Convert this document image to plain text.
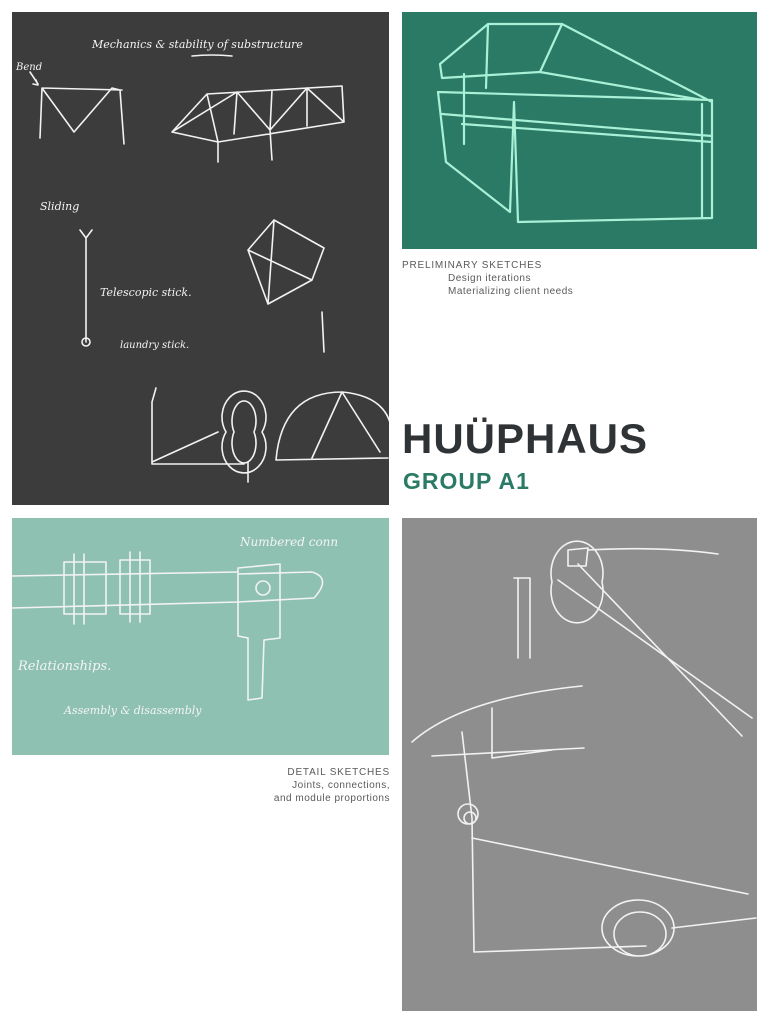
Mechanics & stability of substructure
Bend
Sliding
Telescopic stick.
laundry stick.
PRELIMINARY SKETCHES
Design iterations
Materializing client needs
HUÜPHAUS
GROUP A1
Numbered conn
Relationships.
Assembly & disassembly
DETAIL SKETCHES
Joints, connections,
and module proportions
